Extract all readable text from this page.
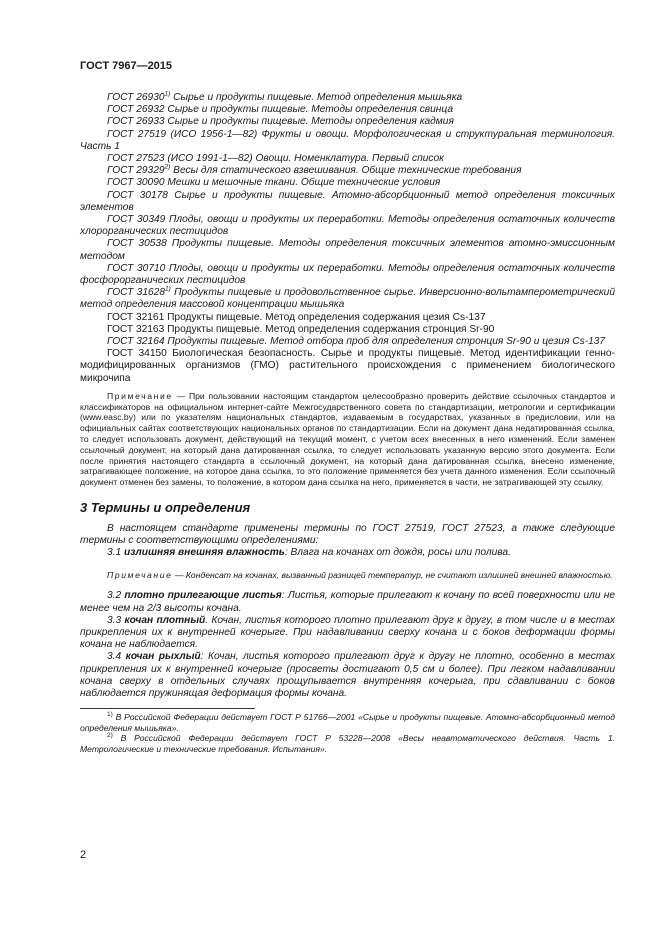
ГОСТ 7967—2015

ГОСТ 26930$^{1)}$ Сырье и продукты пищевые. Метод определения мышьяка

ГОСТ 26932 Сырье и продукты пищевые. Методы определения свинца

ГОСТ 26933 Сырье и продукты пищевые. Методы определения кадмия

ГОСТ 27519 (ИСО 1956-1—82) Фрукты и овощи. Морфологическая и структуральная терминология. Часть 1

ГОСТ 27523 (ИСО 1991-1—82) Овощи. Номенклатура. Первый список

ГОСТ 29329$^{2)}$ Весы для статического взвешивания. Общие технические требования

ГОСТ 30090 Мешки и мешочные ткани. Общие технические условия

ГОСТ 30178 Сырье и продукты пищевые. Атомно-абсорбционный метод определения токсичных элементов

ГОСТ 30349 Плоды, овощи и продукты их переработки. Методы определения остаточных количеств хлорорганических пестицидов

ГОСТ 30538 Продукты пищевые. Методы определения токсичных элементов атомно-эмиссионным методом

ГОСТ 30710 Плоды, овощи и продукты их переработки. Методы определения остаточных количеств фосфорорганических пестицидов

ГОСТ 31628$^{1)}$ Продукты пищевые и продовольственное сырье. Инверсионно-вольтамперометрический метод определения массовой концентрации мышьяка

ГОСТ 32161 Продукты пищевые. Метод определения содержания цезия Cs-137

ГОСТ 32163 Продукты пищевые. Метод определения содержания стронция Sr-90

ГОСТ 32164 Продукты пищевые. Метод отбора проб для определения стронция Sr-90 и цезия Cs-137

ГОСТ 34150 Биологическая безопасность. Сырье и продукты пищевые. Метод идентификации генно-модифицированных организмов (ГМО) растительного происхождения с применением биологического микрочипа

Примечание — При пользовании настоящим стандартом целесообразно проверить действие ссылочных стандартов и классификаторов на официальном интернет-сайте Межгосударственного совета по стандартизации, метрологии и сертификации (www.easc.by) или по указателям национальных стандартов, издаваемым в государствах, указанных в предисловии, или на официальных сайтах соответствующих национальных органов по стандартизации. Если на документ дана недатированная ссылка, то следует использовать документ, действующий на текущий момент, с учетом всех внесенных в него изменений. Если заменен ссылочный документ, на который дана датированная ссылка, то следует использовать указанную версию этого документа. Если после принятия настоящего стандарта в ссылочный документ, на который дана датированная ссылка, внесено изменение, затрагивающее положение, на которое дана ссылка, то это положение применяется без учета данного изменения. Если ссылочный документ отменен без замены, то положение, в котором дана ссылка на него, применяется в части, не затрагивающей эту ссылку.

3 Термины и определения

В настоящем стандарте применены термины по ГОСТ 27519, ГОСТ 27523, а также следующие термины с соответствующими определениями:

3.1 излишняя внешняя влажность: Влага на кочанах от дождя, росы или полива.

Примечание — Конденсат на кочанах, вызванный разницей температур, не считают излишней внешней влажностью.

3.2 плотно прилегающие листья: Листья, которые прилегают к кочану по всей поверхности или не менее чем на 2/3 высоты кочана.

3.3 кочан плотный. Кочан, листья которого плотно прилегают друг к другу, в том числе и в местах прикрепления их к внутренней кочерыге. При надавливании сверху кочана и с боков деформации формы кочана не наблюдается.

3.4 кочан рыхлый: Кочан, листья которого прилегают друг к другу не плотно, особенно в местах прикрепления их к внутренней кочерыге (просветы достигают 0,5 см и более). При легком надавливании кочана сверху в отдельных случаях прощупывается внутренняя кочерыга, при сдавливании с боков наблюдается пружинящая деформация формы кочана.

$^{1)}$ В Российской Федерации действует ГОСТ Р 51766—2001 «Сырье и продукты пищевые. Атомно-абсорбционный метод определения мышьяка».

$^{2)}$ В Российской Федерации действует ГОСТ Р 53228—2008 «Весы неавтоматического действия. Часть 1. Метрологические и технические требования. Испытания».

2
